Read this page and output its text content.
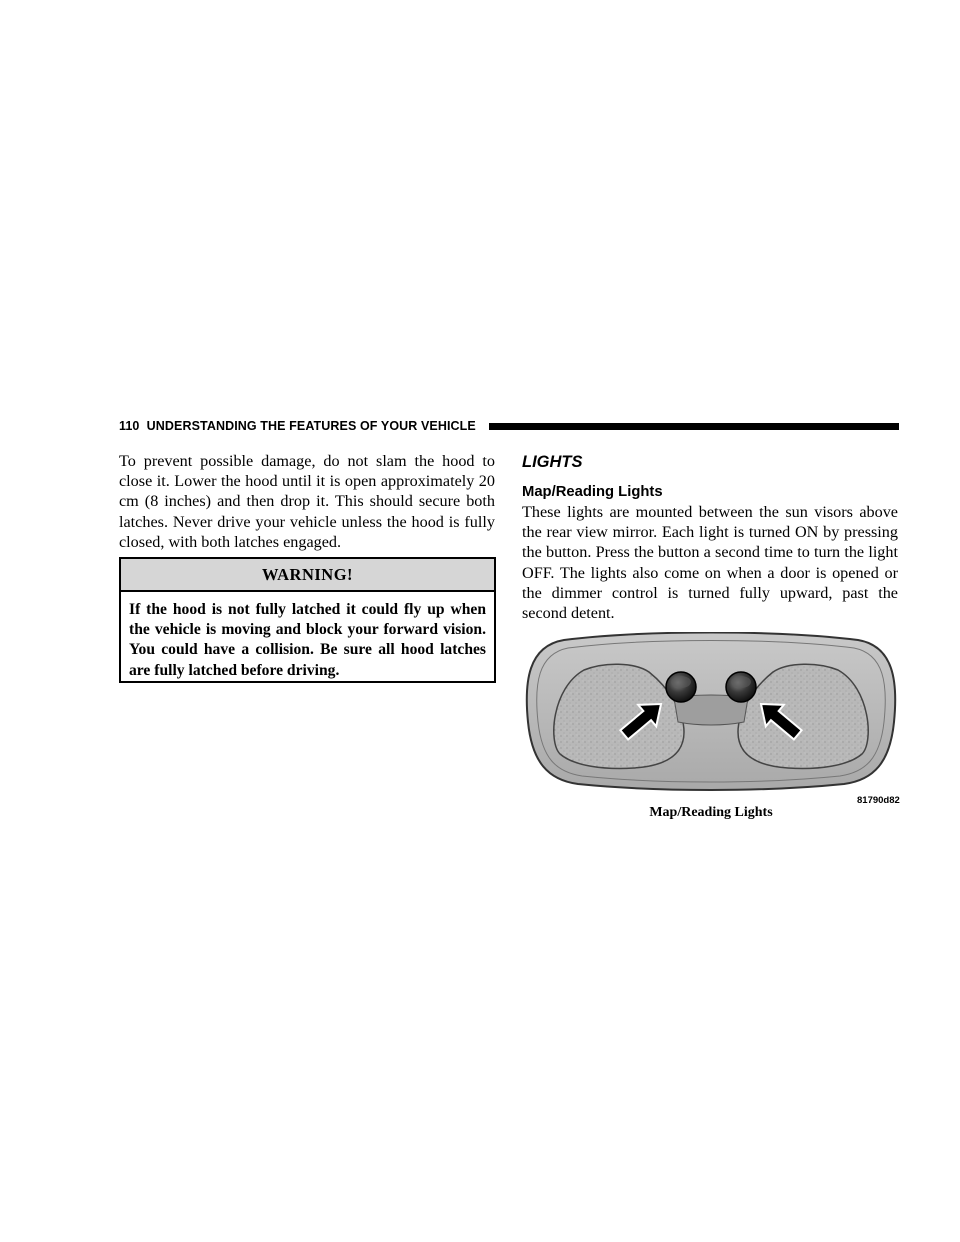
110 UNDERSTANDING THE FEATURES OF YOUR VEHICLE

To prevent possible damage, do not slam the hood to close it. Lower the hood until it is open approximately 20 cm (8 inches) and then drop it. This should secure both latches. Never drive your vehicle unless the hood is fully closed, with both latches engaged.

WARNING!

If the hood is not fully latched it could fly up when the vehicle is moving and block your forward vision. You could have a collision. Be sure all hood latches are fully latched before driving.

LIGHTS
Map/Reading Lights

These lights are mounted between the sun visors above the rear view mirror. Each light is turned ON by pressing the button. Press the button a second time to turn the light OFF. The lights also come on when a door is opened or the dimmer control is turned fully upward, past the second detent.

81790d82
Map/Reading Lights
